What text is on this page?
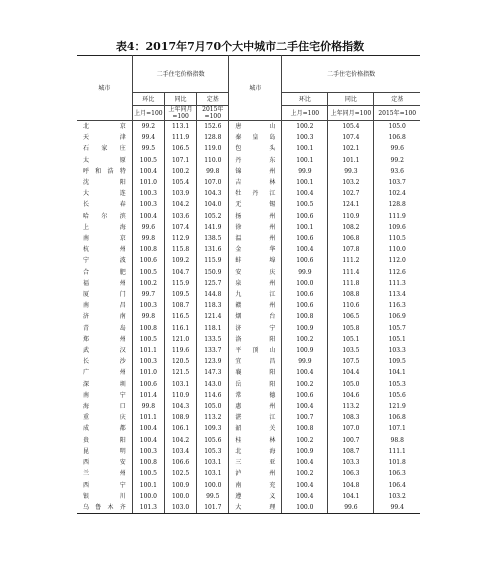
表4：2017年7月70个大中城市二手住宅价格指数
城市	二手住宅价格指数			城市	二手住宅价格指数		
	环比	同比	定基		环比	同比	定基
	上月=100	上年同月=100	2015年=100		上月=100	上年同月=100	2015年=100
北京	99.2	113.1	152.6	唐山	100.2	105.4	105.0
天津	99.4	111.9	128.8	秦皇岛	100.3	107.4	106.8
石家庄	99.5	106.5	119.0	包头	100.1	102.1	99.6
太原	100.5	107.1	110.0	丹东	100.1	101.1	99.2
呼和浩特	100.4	100.2	99.8	锦州	99.9	99.3	93.6
沈阳	101.0	105.4	107.0	吉林	100.1	103.2	103.7
大连	100.3	103.9	104.3	牡丹江	100.4	102.7	102.4
长春	100.3	104.2	104.0	无锡	100.5	124.1	128.8
哈尔滨	100.4	103.6	105.2	扬州	100.6	110.9	111.9
上海	99.6	107.4	141.9	徐州	100.1	108.2	109.6
南京	99.8	112.9	138.5	温州	100.6	106.8	110.5
杭州	100.8	115.8	131.6	金华	100.4	107.8	110.0
宁波	100.6	109.2	115.9	蚌埠	100.6	111.2	112.0
合肥	100.5	104.7	150.9	安庆	99.9	111.4	112.6
福州	100.2	115.9	125.7	泉州	100.0	111.8	111.3
厦门	99.7	109.5	144.8	九江	100.6	108.8	113.4
南昌	100.3	108.7	118.3	赣州	100.6	110.6	116.3
济南	99.8	116.5	121.4	烟台	100.8	106.5	106.9
青岛	100.8	116.1	118.1	济宁	100.9	105.8	105.7
郑州	100.5	121.0	133.5	洛阳	100.2	105.1	105.1
武汉	101.1	119.6	133.7	平顶山	100.9	103.5	103.3
长沙	100.3	120.5	123.9	宜昌	99.9	107.5	109.5
广州	101.0	121.5	147.3	襄阳	100.4	104.4	104.1
深圳	100.6	103.1	143.0	岳阳	100.2	105.0	105.3
南宁	101.4	110.9	114.6	常德	100.6	104.6	105.6
海口	99.8	104.3	105.0	惠州	100.4	113.2	121.9
重庆	101.1	108.9	113.2	湛江	100.7	108.3	106.8
成都	100.4	106.1	109.3	韶关	100.8	107.0	107.1
贵阳	100.4	104.2	105.6	桂林	100.2	100.7	98.8
昆明	100.3	103.4	105.3	北海	100.9	108.7	111.1
西安	100.8	106.6	103.1	三亚	100.4	103.3	101.8
兰州	100.5	102.5	103.1	泸州	100.2	106.3	106.3
西宁	100.1	100.9	100.0	南充	100.4	104.8	106.4
银川	100.0	100.0	99.5	遵义	100.4	104.1	103.2
乌鲁木齐	101.3	103.0	101.7	大理	100.0	99.6	99.4
